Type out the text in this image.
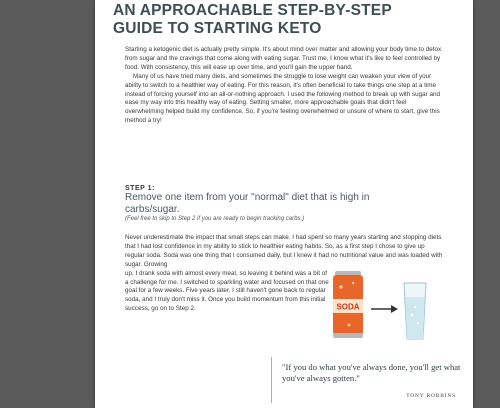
AN APPROACHABLE STEP-BY-STEP
GUIDE TO STARTING KETO
Starting a ketogenic diet is actually pretty simple. It's about mind over matter and allowing your body time to detox from sugar and the cravings that come along with eating sugar. Trust me, I know what it's like to feel controlled by food. With consistency, this will ease up over time, and you'll gain the upper hand.
Many of us have tried many diets, and sometimes the struggle to lose weight can weaken your view of your ability to switch to a healthier way of eating. For this reason, it's often beneficial to take things one step at a time instead of forcing yourself into an all-or-nothing approach. I used the following method to break up with sugar and ease my way into this healthy way of eating. Setting smaller, more approachable goals that didn't feel overwhelming helped build my confidence. So, if you're feeling overwhelmed or unsure of where to start, give this method a try!

STEP 1:

Remove one item from your "normal" diet that is high in carbs/sugar.

(Feel free to skip to Step 2 if you are ready to begin tracking carbs.)

Never underestimate the impact that small steps can make. I had spent so many years starting and stopping diets that I had lost confidence in my ability to stick to healthier eating habits. So, as a first step I chose to give up regular soda. Soda was one thing that I consumed daily, but I knew it had no nutritional value and was loaded with sugar. Growing
up, I drank soda with almost every meal, so leaving it behind was a bit of a challenge for me. I switched to sparkling water and focused on that one goal for a few weeks. Five years later, I still haven't gone back to regular soda, and I truly don't miss it. Once you build momentum from this initial success, go on to Step 2.	SODA

"If you do what you've always done, you'll get what you've always gotten."

TONY ROBBINS
